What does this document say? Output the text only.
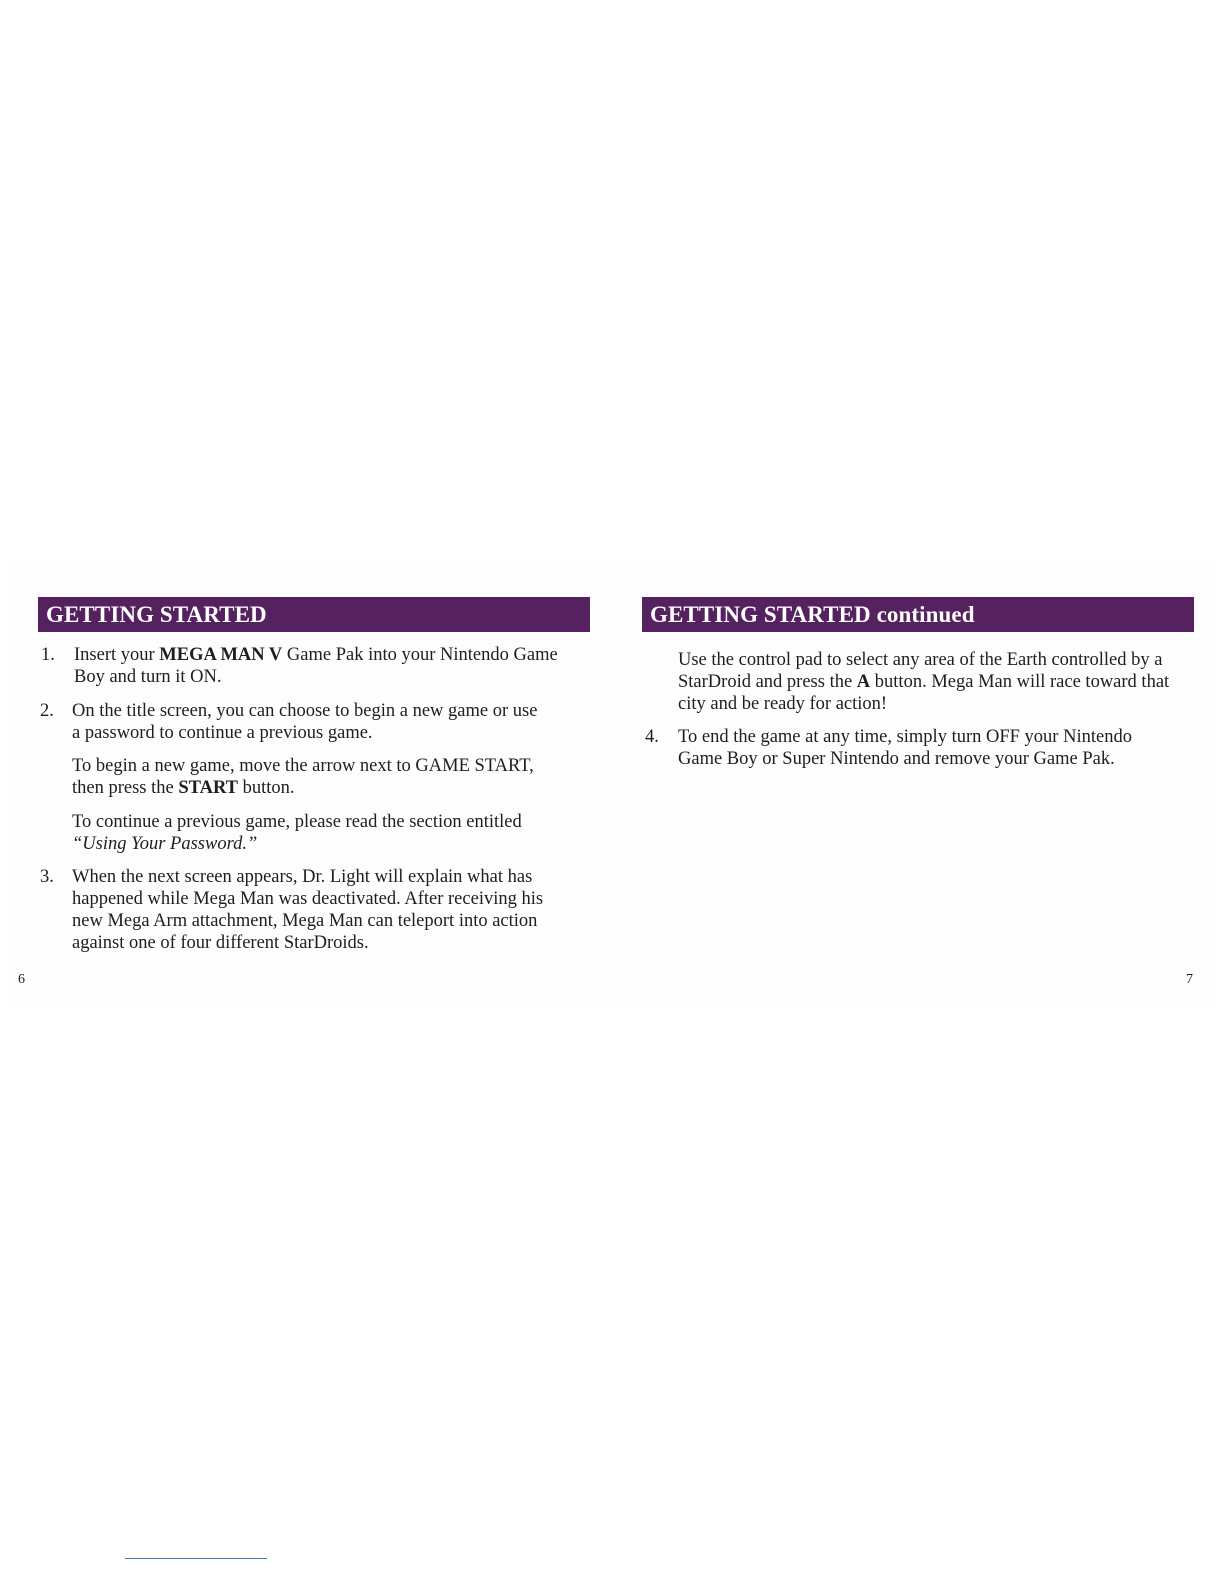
GETTING STARTED
1. Insert your MEGA MAN V Game Pak into your Nintendo Game

Boy and turn it ON.

2. On the title screen, you can choose to begin a new game or use

a password to continue a previous game.

To begin a new game, move the arrow next to GAME START,

then press the START button.

To continue a previous game, please read the section entitled

“Using Your Password.”

3. When the next screen appears, Dr. Light will explain what has

happened while Mega Man was deactivated. After receiving his

new Mega Arm attachment, Mega Man can teleport into action

against one of four different StarDroids.

6
GETTING STARTED continued

Use the control pad to select any area of the Earth controlled by a

StarDroid and press the A button. Mega Man will race toward that

city and be ready for action!

4. To end the game at any time, simply turn OFF your Nintendo

Game Boy or Super Nintendo and remove your Game Pak.

7
